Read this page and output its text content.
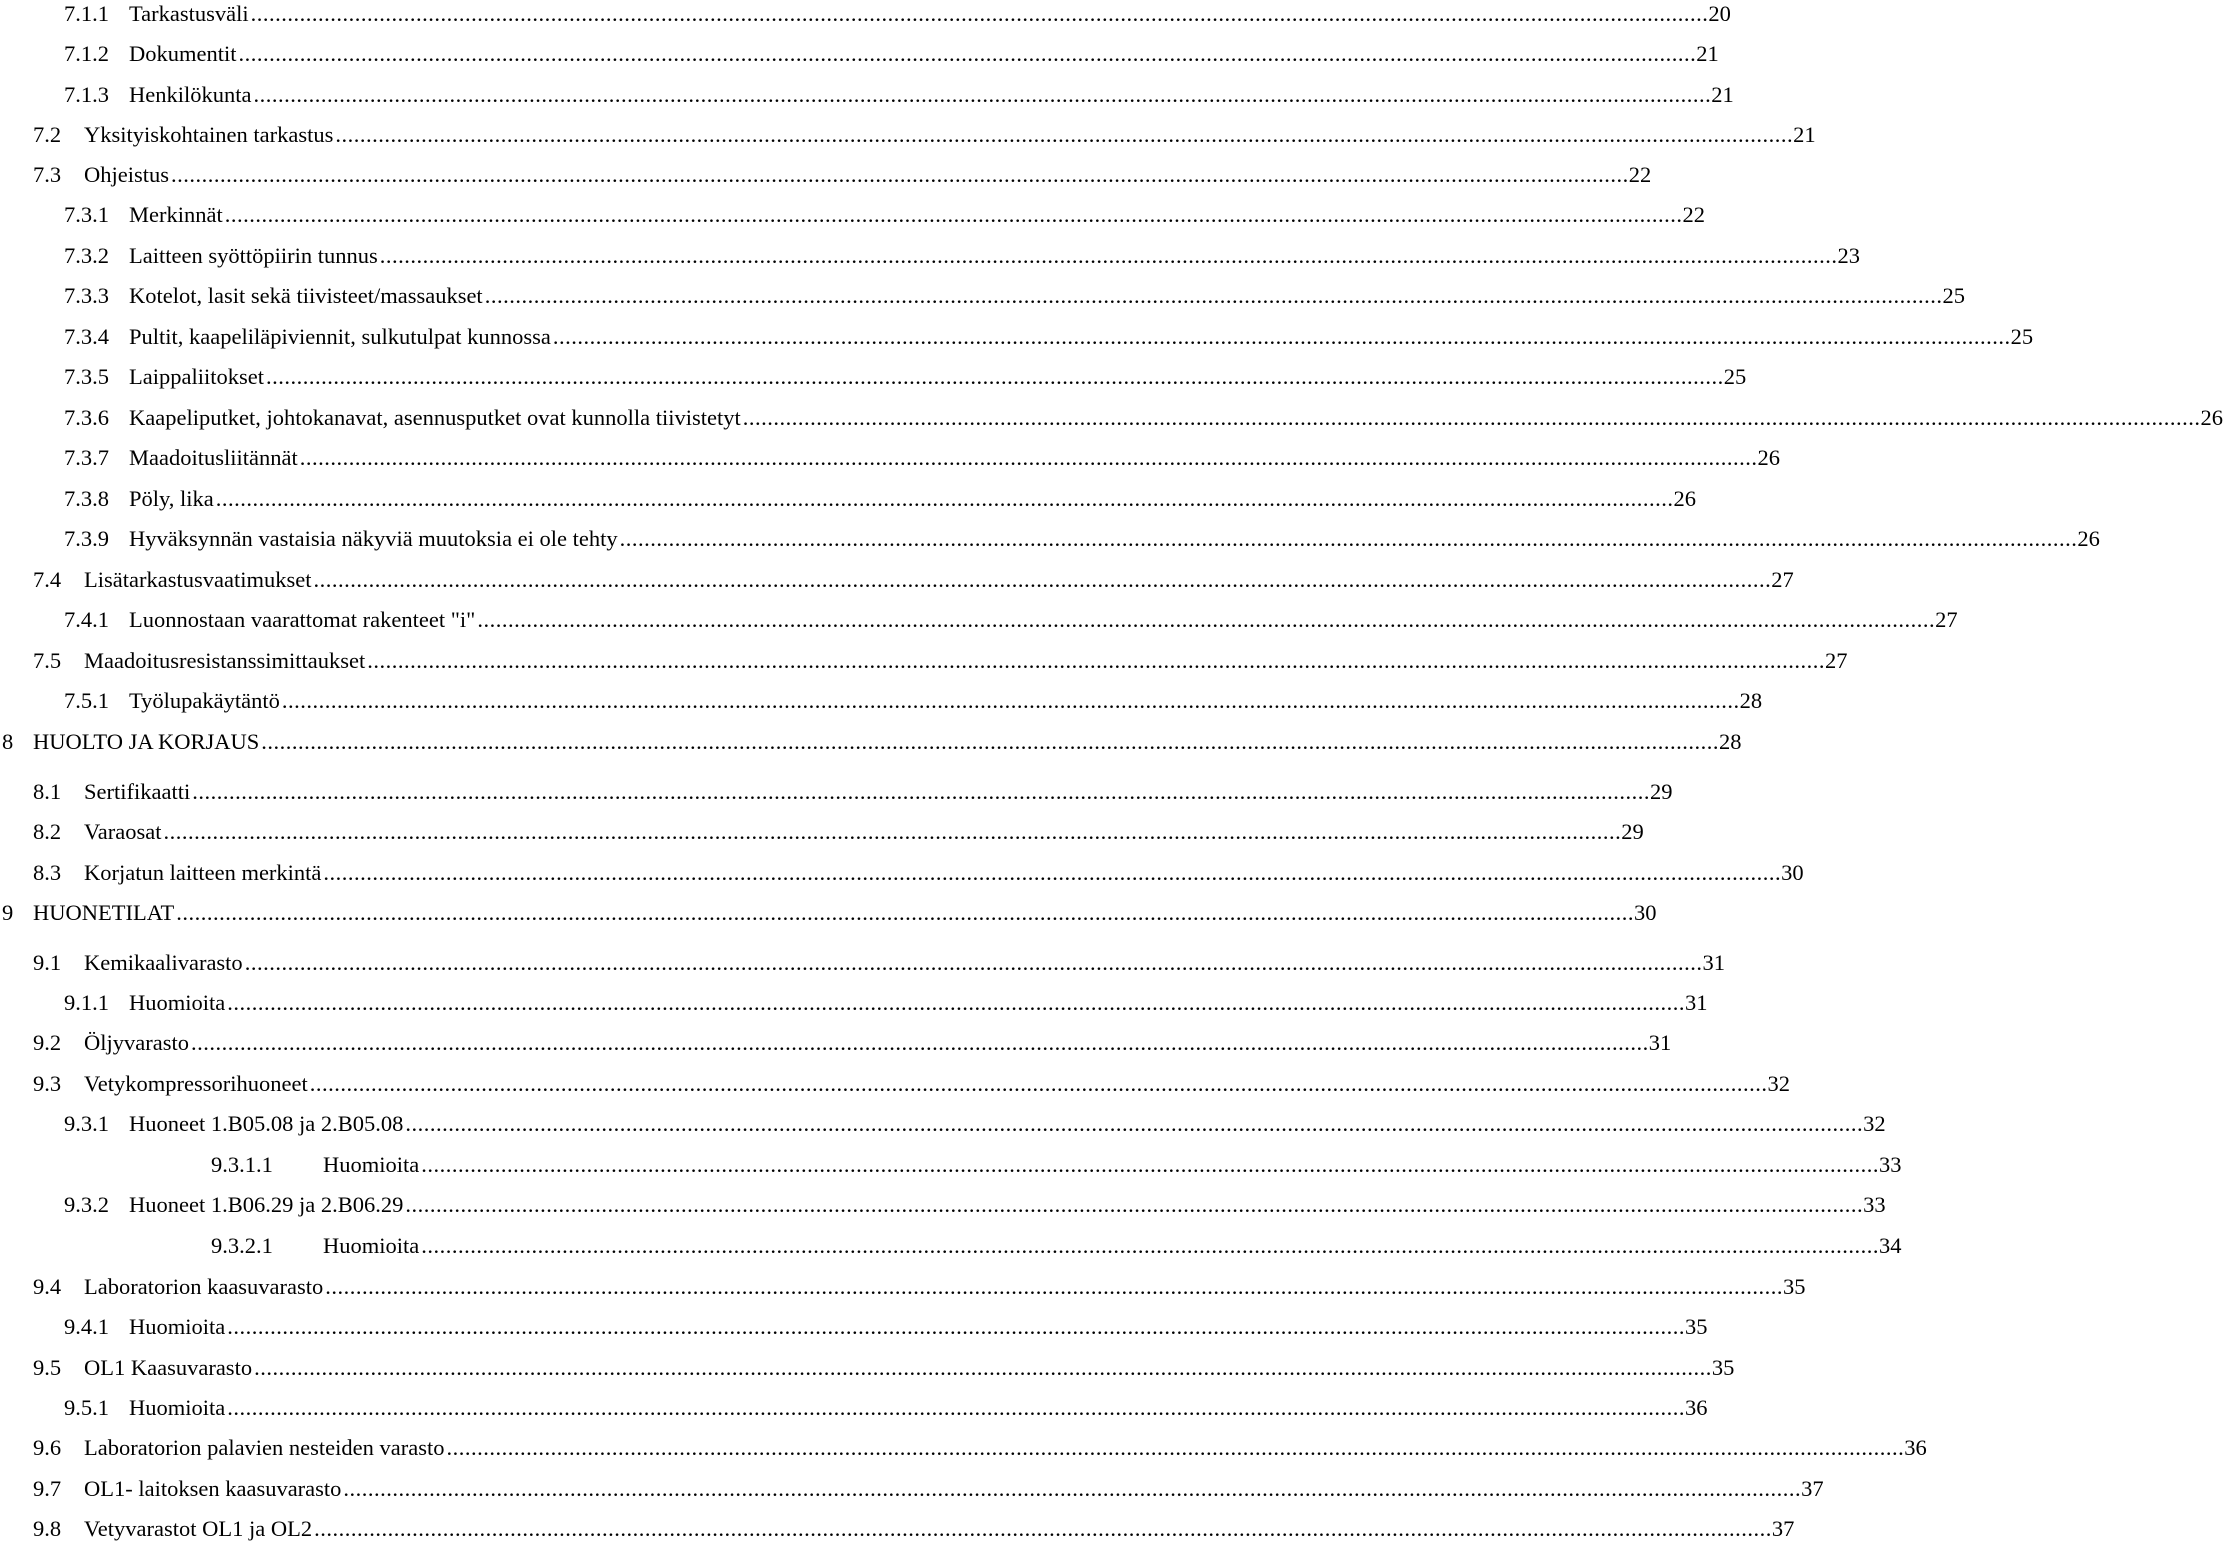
7.1.1 Tarkastusväli .............................................................................................................................................................................................................................................. 20
7.1.2 Dokumentit .............................................................................................................................................................................................................................................. 21
7.1.3 Henkilökunta .............................................................................................................................................................................................................................................. 21
7.2 Yksityiskohtainen tarkastus .............................................................................................................................................................................................................................................. 21
7.3 Ohjeistus .............................................................................................................................................................................................................................................. 22
7.3.1 Merkinnät .............................................................................................................................................................................................................................................. 22
7.3.2 Laitteen syöttöpiirin tunnus .............................................................................................................................................................................................................................................. 23
7.3.3 Kotelot, lasit sekä tiivisteet/massaukset .............................................................................................................................................................................................................................................. 25
7.3.4 Pultit, kaapeliläpiviennit, sulkutulpat kunnossa .............................................................................................................................................................................................................................................. 25
7.3.5 Laippaliitokset .............................................................................................................................................................................................................................................. 25
7.3.6 Kaapeliputket, johtokanavat, asennusputket ovat kunnolla tiivistetyt .............................................................................................................................................................................................................................................. 26
7.3.7 Maadoitusliitännät .............................................................................................................................................................................................................................................. 26
7.3.8 Pöly, lika .............................................................................................................................................................................................................................................. 26
7.3.9 Hyväksynnän vastaisia näkyviä muutoksia ei ole tehty .............................................................................................................................................................................................................................................. 26
7.4 Lisätarkastusvaatimukset .............................................................................................................................................................................................................................................. 27
7.4.1 Luonnostaan vaarattomat rakenteet "i" .............................................................................................................................................................................................................................................. 27
7.5 Maadoitusresistanssimittaukset .............................................................................................................................................................................................................................................. 27
7.5.1 Työlupakäytäntö .............................................................................................................................................................................................................................................. 28
8 HUOLTO JA KORJAUS .............................................................................................................................................................................................................................................. 28
8.1 Sertifikaatti .............................................................................................................................................................................................................................................. 29
8.2 Varaosat .............................................................................................................................................................................................................................................. 29
8.3 Korjatun laitteen merkintä .............................................................................................................................................................................................................................................. 30
9 HUONETILAT .............................................................................................................................................................................................................................................. 30
9.1 Kemikaalivarasto .............................................................................................................................................................................................................................................. 31
9.1.1 Huomioita .............................................................................................................................................................................................................................................. 31
9.2 Öljyvarasto .............................................................................................................................................................................................................................................. 31
9.3 Vetykompressorihuoneet .............................................................................................................................................................................................................................................. 32
9.3.1 Huoneet 1.B05.08 ja 2.B05.08 .............................................................................................................................................................................................................................................. 32
9.3.1.1 Huomioita .............................................................................................................................................................................................................................................. 33
9.3.2 Huoneet 1.B06.29 ja 2.B06.29 .............................................................................................................................................................................................................................................. 33
9.3.2.1 Huomioita .............................................................................................................................................................................................................................................. 34
9.4 Laboratorion kaasuvarasto .............................................................................................................................................................................................................................................. 35
9.4.1 Huomioita .............................................................................................................................................................................................................................................. 35
9.5 OL1 Kaasuvarasto .............................................................................................................................................................................................................................................. 35
9.5.1 Huomioita .............................................................................................................................................................................................................................................. 36
9.6 Laboratorion palavien nesteiden varasto .............................................................................................................................................................................................................................................. 36
9.7 OL1- laitoksen kaasuvarasto .............................................................................................................................................................................................................................................. 37
9.8 Vetyvarastot OL1 ja OL2 .............................................................................................................................................................................................................................................. 37
